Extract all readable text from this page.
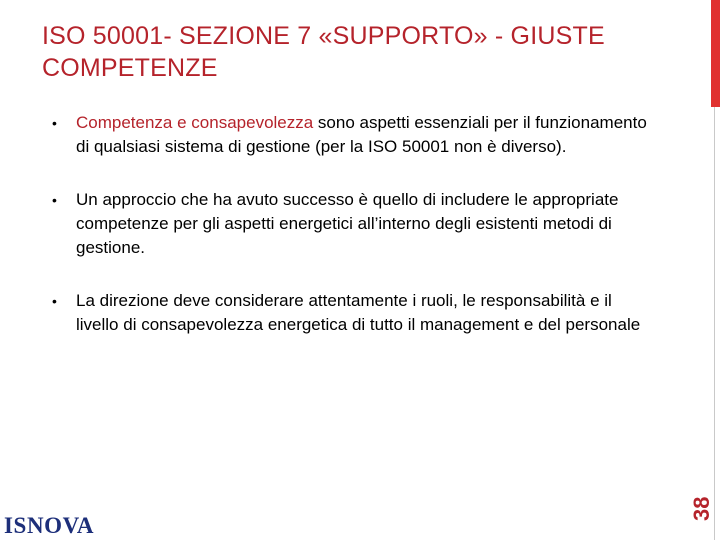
ISO 50001- SEZIONE 7 «SUPPORTO» - GIUSTE COMPETENZE
• Competenza e consapevolezza sono aspetti essenziali per il funzionamento di qualsiasi sistema di gestione (per la ISO 50001 non è diverso).
• Un approccio che ha avuto successo è quello di includere le appropriate competenze per gli aspetti energetici all’interno degli esistenti metodi di gestione.
• La direzione deve considerare attentamente i ruoli, le responsabilità e il livello di consapevolezza energetica di tutto il management e del personale
38
ISNOVA
